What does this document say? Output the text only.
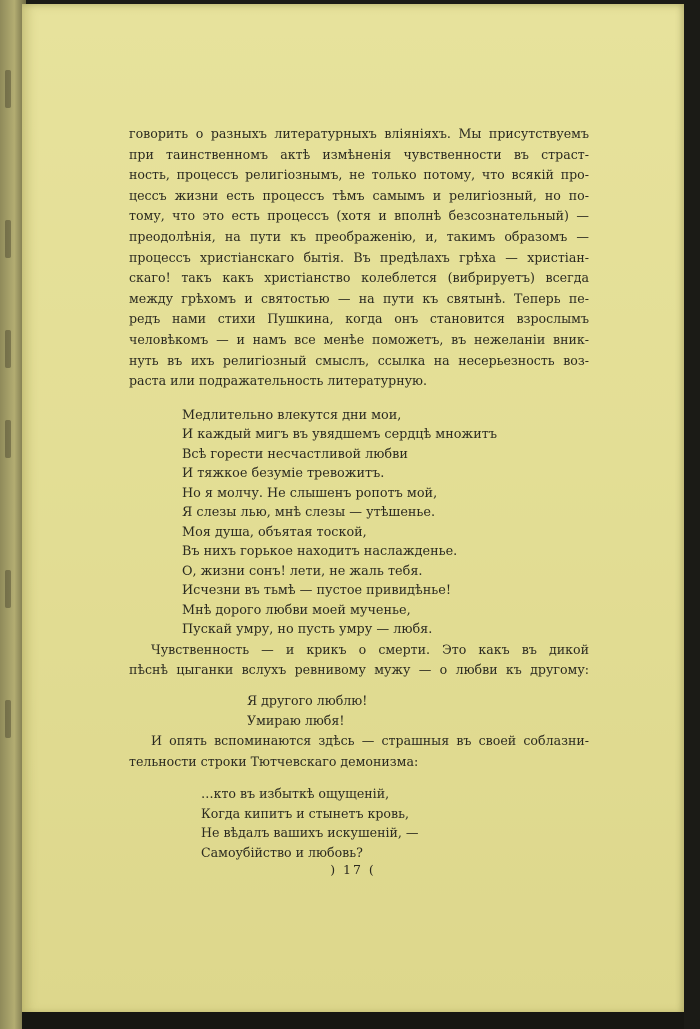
говорить о разныхъ литературныхъ влiянiяхъ. Мы присутствуемъ
при таинственномъ актѣ измѣненiя чувственности въ страст-
ность, процессъ религiознымъ, не только потому, что всякiй про-
цессъ жизни есть процессъ тѣмъ самымъ и религiозный, но по-
тому, что это есть процессъ (хотя и вполнѣ безсознательный) —
преодолѣнiя, на пути къ преображенiю, и, такимъ образомъ —
процессъ христiанскаго бытiя. Въ предѣлахъ грѣха — христiан-
скаго! такъ какъ христiанство колеблется (вибрируетъ) всегда
между грѣхомъ и святостью — на пути къ святынѣ. Теперь пе-
редъ нами стихи Пушкина, когда онъ становится взрослымъ
человѣкомъ — и намъ все менѣе поможетъ, въ нежеланiи вник-
нуть въ ихъ религiозный смыслъ, ссылка на несерьезность воз-
раста или подражательность литературную.

Медлительно влекутся дни мои,
И каждый мигъ въ увядшемъ сердцѣ множитъ
Всѣ горести несчастливой любви
И тяжкое безумiе тревожитъ.
Но я молчу. Не слышенъ ропотъ мой,
Я слезы лью, мнѣ слезы — утѣшенье.
Моя душа, объятая тоской,
Въ нихъ горькое находитъ наслажденье.
О, жизни сонъ! лети, не жаль тебя.
Исчезни въ тьмѣ — пустое привидѣнье!
Мнѣ дорого любви моей мученье,
Пускай умру, но пусть умру — любя.

Чувственность — и крикъ о смерти. Это какъ въ дикой
пѣснѣ цыганки вслухъ ревнивому мужу — о любви къ другому:

Я другого люблю!
Умираю любя!

И опять вспоминаются здѣсь — страшныя въ своей соблазни-
тельности строки Тютчевскаго демонизма:

…кто въ избыткѣ ощущенiй,
Когда кипитъ и стынетъ кровь,
Не вѣдалъ вашихъ искушенiй, —
Самоубiйство и любовь?
) 17 (
